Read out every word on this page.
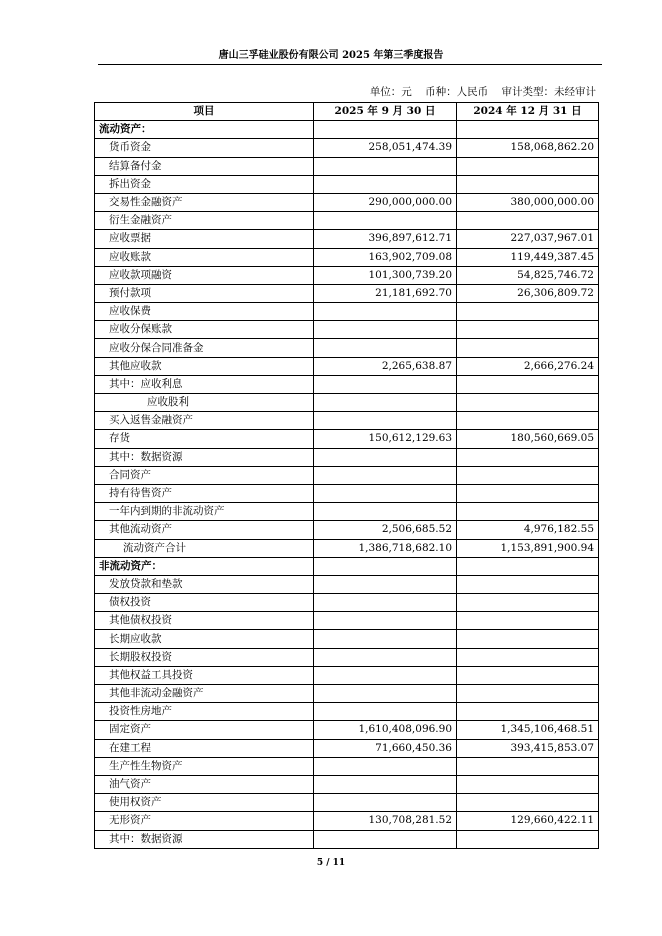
唐山三孚硅业股份有限公司 2025 年第三季度报告
单位：元 币种：人民币 审计类型：未经审计
项目	2025 年 9 月 30 日	2024 年 12 月 31 日
流动资产：		
货币资金	258,051,474.39	158,068,862.20
结算备付金		
拆出资金		
交易性金融资产	290,000,000.00	380,000,000.00
衍生金融资产		
应收票据	396,897,612.71	227,037,967.01
应收账款	163,902,709.08	119,449,387.45
应收款项融资	101,300,739.20	54,825,746.72
预付款项	21,181,692.70	26,306,809.72
应收保费		
应收分保账款		
应收分保合同准备金		
其他应收款	2,265,638.87	2,666,276.24
其中：应收利息		
应收股利		
买入返售金融资产		
存货	150,612,129.63	180,560,669.05
其中：数据资源		
合同资产		
持有待售资产		
一年内到期的非流动资产		
其他流动资产	2,506,685.52	4,976,182.55
流动资产合计	1,386,718,682.10	1,153,891,900.94
非流动资产：		
发放贷款和垫款		
债权投资		
其他债权投资		
长期应收款		
长期股权投资		
其他权益工具投资		
其他非流动金融资产		
投资性房地产		
固定资产	1,610,408,096.90	1,345,106,468.51
在建工程	71,660,450.36	393,415,853.07
生产性生物资产		
油气资产		
使用权资产		
无形资产	130,708,281.52	129,660,422.11
其中：数据资源		
5 / 11
